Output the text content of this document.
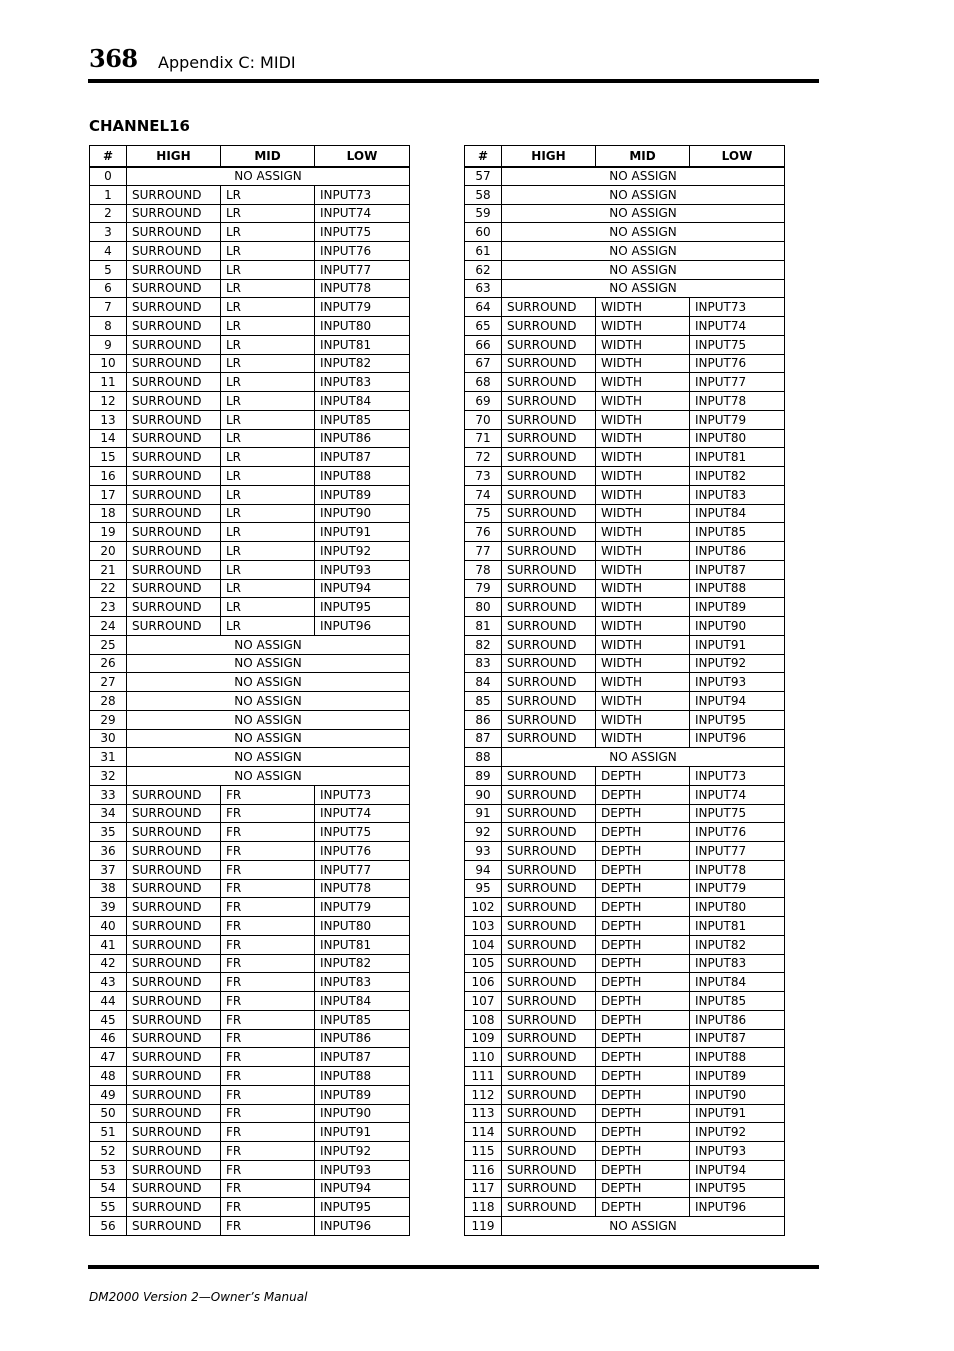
368 Appendix C: MIDI
CHANNEL16
#	HIGH	MID	LOW
0	NO ASSIGN		
1	SURROUND	LR	INPUT73
2	SURROUND	LR	INPUT74
3	SURROUND	LR	INPUT75
4	SURROUND	LR	INPUT76
5	SURROUND	LR	INPUT77
6	SURROUND	LR	INPUT78
7	SURROUND	LR	INPUT79
8	SURROUND	LR	INPUT80
9	SURROUND	LR	INPUT81
10	SURROUND	LR	INPUT82
11	SURROUND	LR	INPUT83
12	SURROUND	LR	INPUT84
13	SURROUND	LR	INPUT85
14	SURROUND	LR	INPUT86
15	SURROUND	LR	INPUT87
16	SURROUND	LR	INPUT88
17	SURROUND	LR	INPUT89
18	SURROUND	LR	INPUT90
19	SURROUND	LR	INPUT91
20	SURROUND	LR	INPUT92
21	SURROUND	LR	INPUT93
22	SURROUND	LR	INPUT94
23	SURROUND	LR	INPUT95
24	SURROUND	LR	INPUT96
25	NO ASSIGN		
26	NO ASSIGN		
27	NO ASSIGN		
28	NO ASSIGN		
29	NO ASSIGN		
30	NO ASSIGN		
31	NO ASSIGN		
32	NO ASSIGN		
33	SURROUND	FR	INPUT73
34	SURROUND	FR	INPUT74
35	SURROUND	FR	INPUT75
36	SURROUND	FR	INPUT76
37	SURROUND	FR	INPUT77
38	SURROUND	FR	INPUT78
39	SURROUND	FR	INPUT79
40	SURROUND	FR	INPUT80
41	SURROUND	FR	INPUT81
42	SURROUND	FR	INPUT82
43	SURROUND	FR	INPUT83
44	SURROUND	FR	INPUT84
45	SURROUND	FR	INPUT85
46	SURROUND	FR	INPUT86
47	SURROUND	FR	INPUT87
48	SURROUND	FR	INPUT88
49	SURROUND	FR	INPUT89
50	SURROUND	FR	INPUT90
51	SURROUND	FR	INPUT91
52	SURROUND	FR	INPUT92
53	SURROUND	FR	INPUT93
54	SURROUND	FR	INPUT94
55	SURROUND	FR	INPUT95
56	SURROUND	FR	INPUT96
#	HIGH	MID	LOW
57	NO ASSIGN		
58	NO ASSIGN		
59	NO ASSIGN		
60	NO ASSIGN		
61	NO ASSIGN		
62	NO ASSIGN		
63	NO ASSIGN		
64	SURROUND	WIDTH	INPUT73
65	SURROUND	WIDTH	INPUT74
66	SURROUND	WIDTH	INPUT75
67	SURROUND	WIDTH	INPUT76
68	SURROUND	WIDTH	INPUT77
69	SURROUND	WIDTH	INPUT78
70	SURROUND	WIDTH	INPUT79
71	SURROUND	WIDTH	INPUT80
72	SURROUND	WIDTH	INPUT81
73	SURROUND	WIDTH	INPUT82
74	SURROUND	WIDTH	INPUT83
75	SURROUND	WIDTH	INPUT84
76	SURROUND	WIDTH	INPUT85
77	SURROUND	WIDTH	INPUT86
78	SURROUND	WIDTH	INPUT87
79	SURROUND	WIDTH	INPUT88
80	SURROUND	WIDTH	INPUT89
81	SURROUND	WIDTH	INPUT90
82	SURROUND	WIDTH	INPUT91
83	SURROUND	WIDTH	INPUT92
84	SURROUND	WIDTH	INPUT93
85	SURROUND	WIDTH	INPUT94
86	SURROUND	WIDTH	INPUT95
87	SURROUND	WIDTH	INPUT96
88	NO ASSIGN		
89	SURROUND	DEPTH	INPUT73
90	SURROUND	DEPTH	INPUT74
91	SURROUND	DEPTH	INPUT75
92	SURROUND	DEPTH	INPUT76
93	SURROUND	DEPTH	INPUT77
94	SURROUND	DEPTH	INPUT78
95	SURROUND	DEPTH	INPUT79
102	SURROUND	DEPTH	INPUT80
103	SURROUND	DEPTH	INPUT81
104	SURROUND	DEPTH	INPUT82
105	SURROUND	DEPTH	INPUT83
106	SURROUND	DEPTH	INPUT84
107	SURROUND	DEPTH	INPUT85
108	SURROUND	DEPTH	INPUT86
109	SURROUND	DEPTH	INPUT87
110	SURROUND	DEPTH	INPUT88
111	SURROUND	DEPTH	INPUT89
112	SURROUND	DEPTH	INPUT90
113	SURROUND	DEPTH	INPUT91
114	SURROUND	DEPTH	INPUT92
115	SURROUND	DEPTH	INPUT93
116	SURROUND	DEPTH	INPUT94
117	SURROUND	DEPTH	INPUT95
118	SURROUND	DEPTH	INPUT96
119	NO ASSIGN		
DM2000 Version 2—Owner’s Manual
